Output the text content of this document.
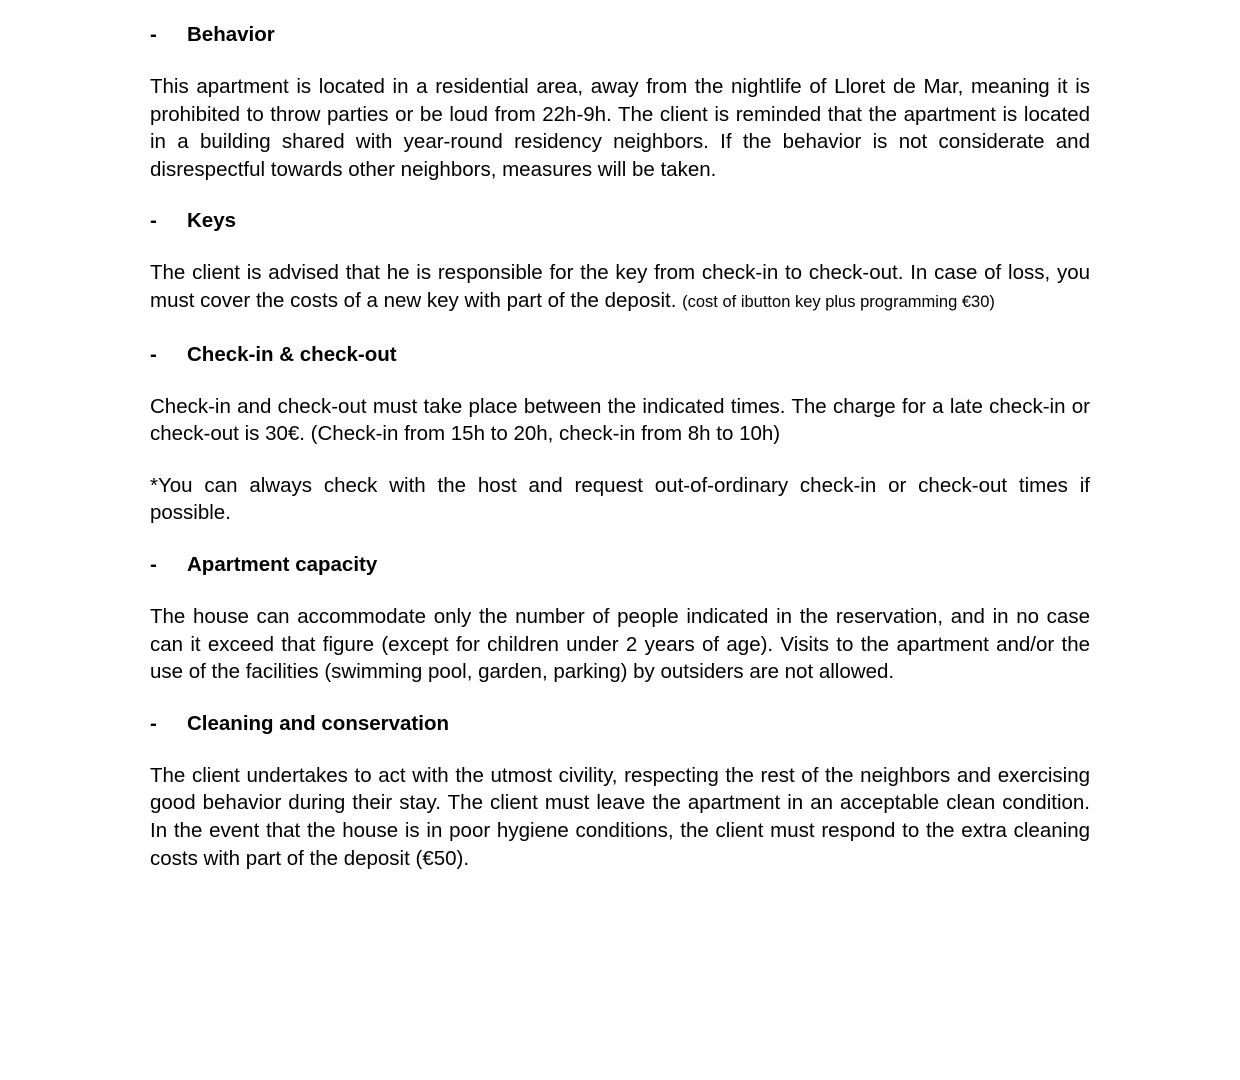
-	Behavior

This apartment is located in a residential area, away from the nightlife of Lloret de Mar, meaning it is prohibited to throw parties or be loud from 22h-9h. The client is reminded that the apartment is located in a building shared with year-round residency neighbors. If the behavior is not considerate and disrespectful towards other neighbors, measures will be taken.

-	Keys

The client is advised that he is responsible for the key from check-in to check-out. In case of loss, you must cover the costs of a new key with part of the deposit. (cost of ibutton key plus programming €30)

-	Check-in & check-out

Check-in and check-out must take place between the indicated times. The charge for a late check-in or check-out is 30€. (Check-in from 15h to 20h, check-in from 8h to 10h)

*You can always check with the host and request out-of-ordinary check-in or check-out times if possible.

-	Apartment capacity

The house can accommodate only the number of people indicated in the reservation, and in no case can it exceed that figure (except for children under 2 years of age). Visits to the apartment and/or the use of the facilities (swimming pool, garden, parking) by outsiders are not allowed.

-	Cleaning and conservation

The client undertakes to act with the utmost civility, respecting the rest of the neighbors and exercising good behavior during their stay. The client must leave the apartment in an acceptable clean condition. In the event that the house is in poor hygiene conditions, the client must respond to the extra cleaning costs with part of the deposit (€50).
